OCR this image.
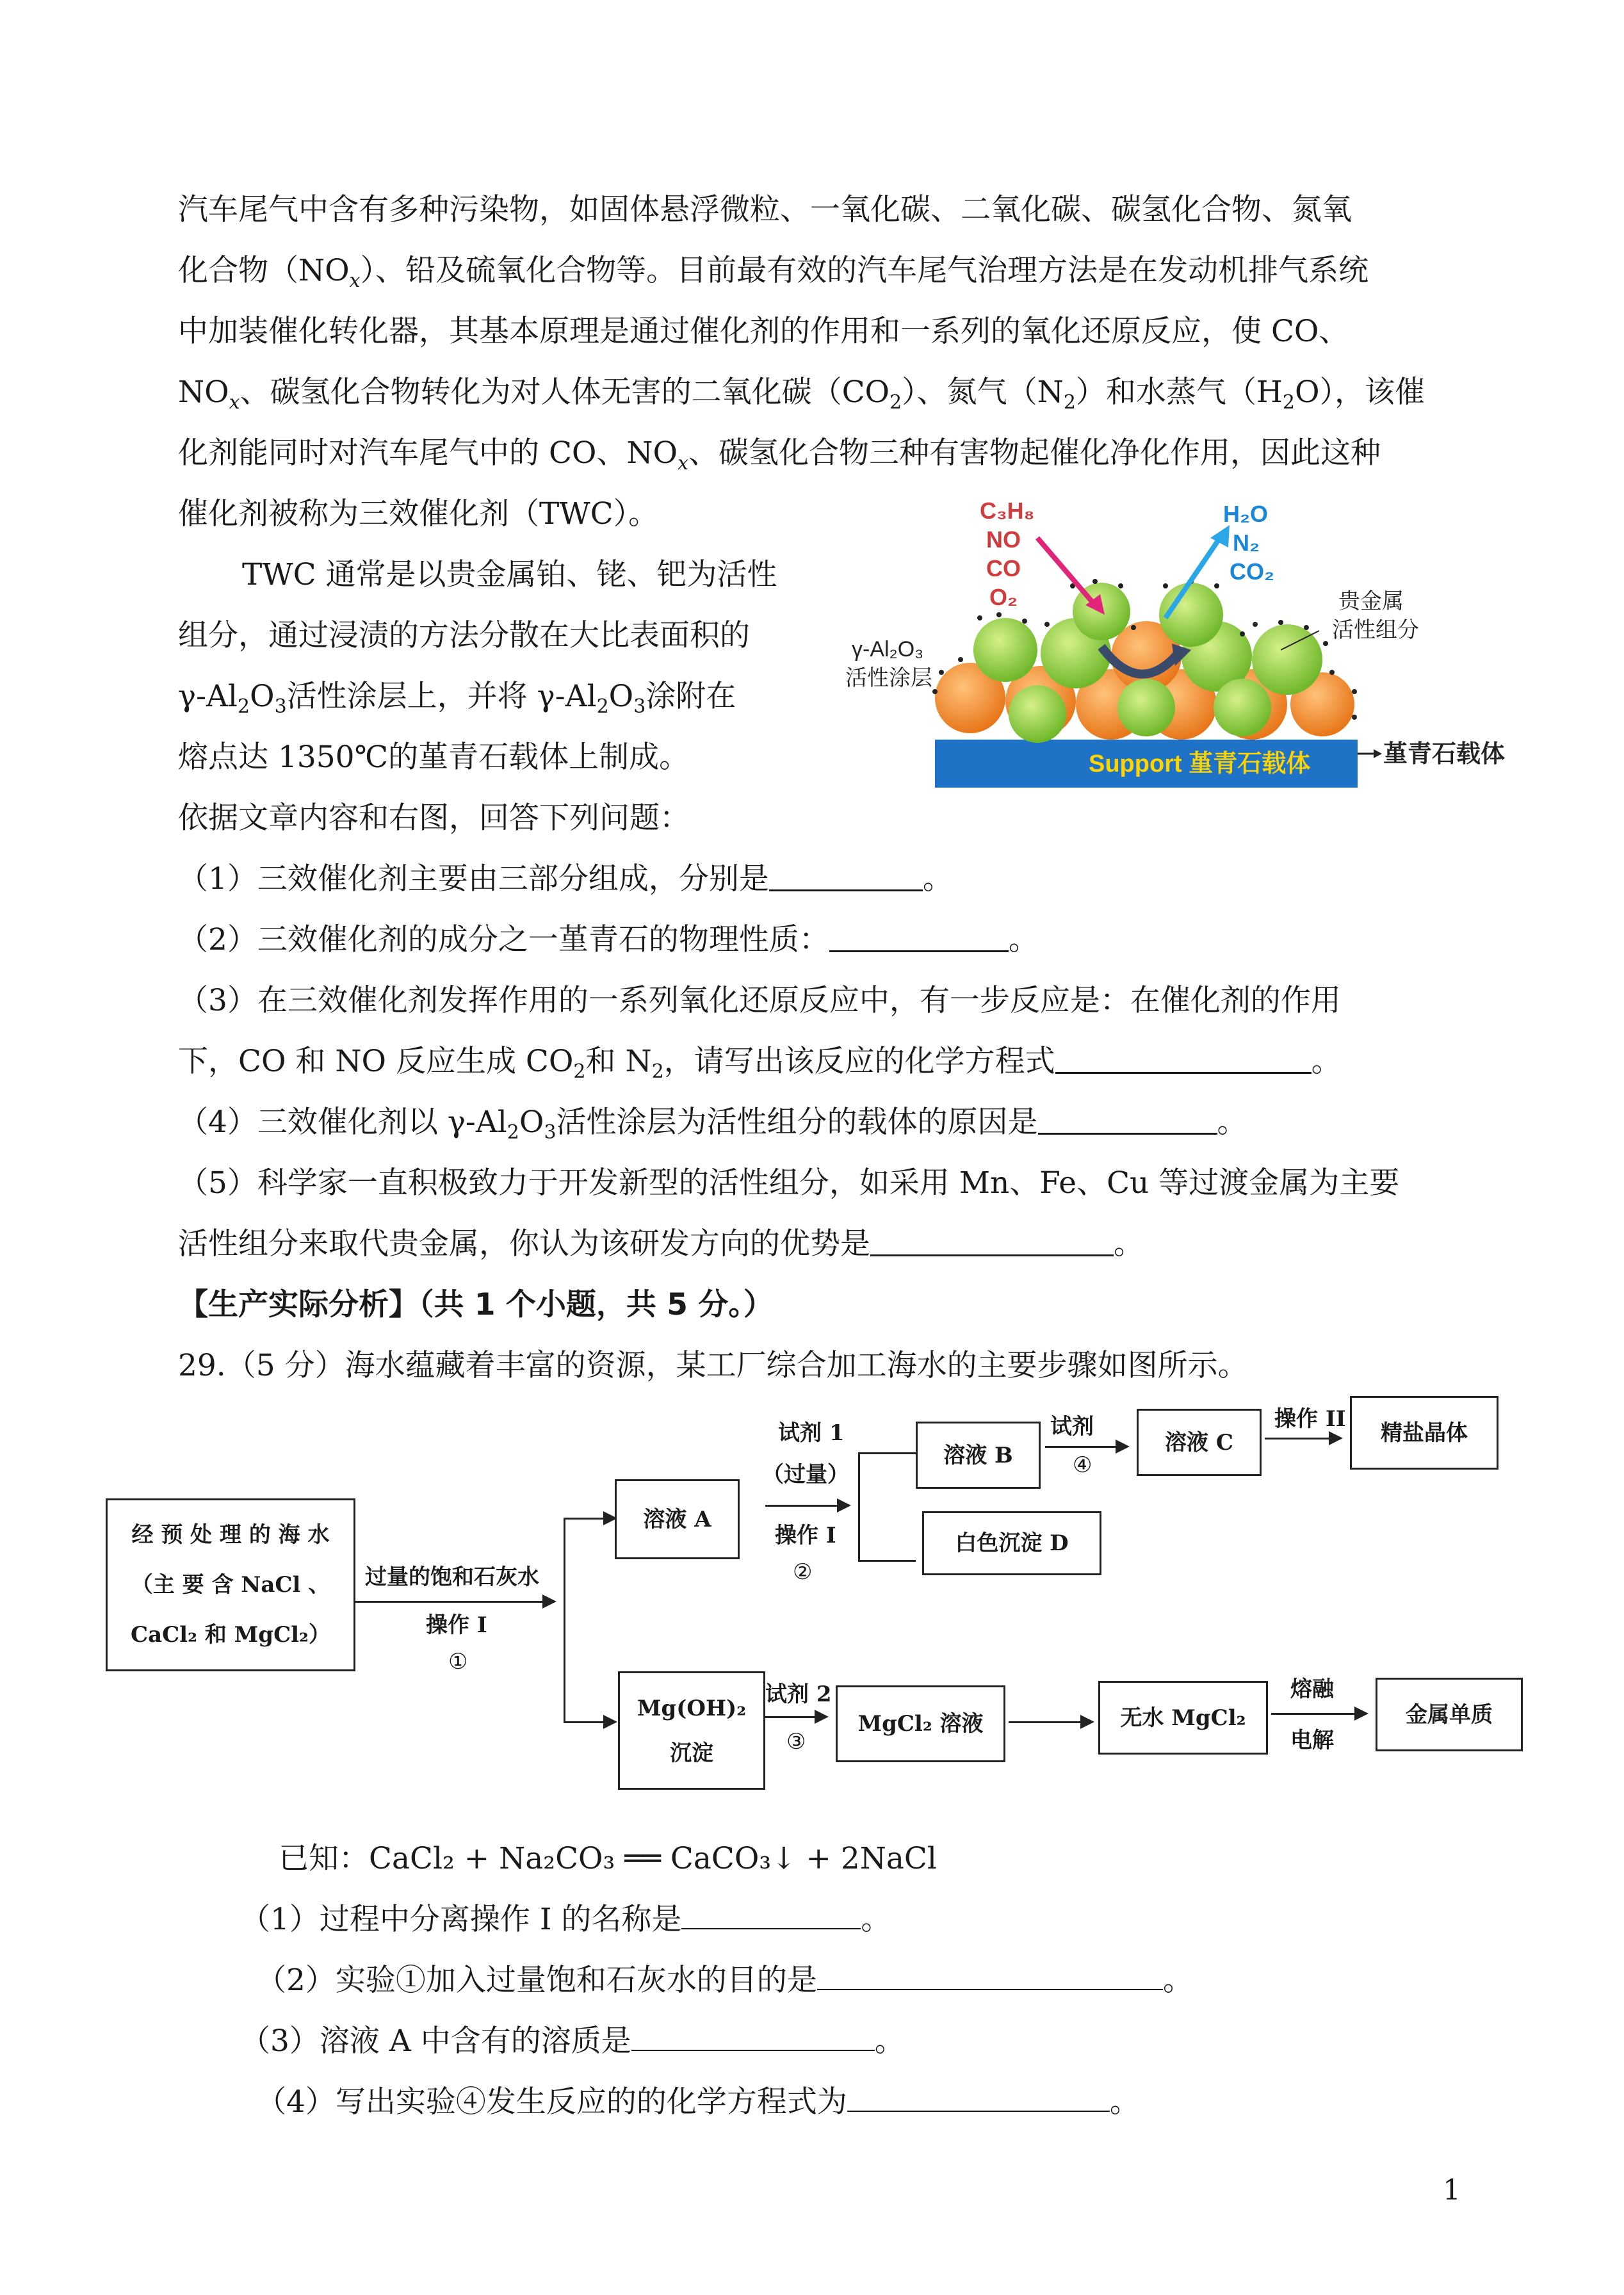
汽车尾气中含有多种污染物，如固体悬浮微粒、一氧化碳、二氧化碳、碳氢化合物、氮氧
化合物$(NO_x)$、铅及硫氧化合物等。目前最有效的汽车尾气治理方法是在发动机排气系统
中加装催化转化器，其基本原理是通过催化剂的作用和一系列的氧化还原反应，使 CO、
$NO_x$、碳氢化合物转化为对人体无害的二氧化碳$(CO_2)$、氮气$(N_2)$和水蒸气$(H_2O)$，该催
化剂能同时对汽车尾气中的 CO、$NO_x$、碳氢化合物三种有害物起催化净化作用，因此这种
催化剂被称为三效催化剂（TWC）。
TWC 通常是以贵金属铂、铑、钯为活性
组分，通过浸渍的方法分散在大比表面积的
$\gamma-Al_2O_3$活性涂层上，并将 $\gamma-Al_2O_3$涂附在
熔点达 1350℃的堇青石载体上制成。
依据文章内容和右图，回答下列问题：
Support 堇青石载体	堇青石载体
C₃H₈
NO
CO
O₂
H₂O
N₂
CO₂
贵金属
活性组分
γ-Al₂O₃
活性涂层
（1）三效催化剂主要由三部分组成，分别是	。
（2）三效催化剂的成分之一堇青石的物理性质：	。
（3）在三效催化剂发挥作用的一系列氧化还原反应中，有一步反应是：在催化剂的作用
下，CO 和 NO 反应生成 $CO_2$和 $N_2$，请写出该反应的化学方程式	。
（4）三效催化剂以 $\gamma-Al_2O_3$活性涂层为活性组分的载体的原因是	。
（5）科学家一直积极致力于开发新型的活性组分，如采用 Mn、Fe、Cu 等过渡金属为主要
活性组分来取代贵金属，你认为该研发方向的优势是	。
【生产实际分析】（共 1 个小题，共 5 分。）
29.（5 分）海水蕴藏着丰富的资源，某工厂综合加工海水的主要步骤如图所示。
经 预 处 理 的 海 水
（主 要 含 NaCl 、
CaCl₂ 和 MgCl₂）
过量的饱和石灰水
操作 I
①
溶液 A
试剂 1
（过量）
操作 I
②
溶液 B
白色沉淀 D
试剂
④
溶液 C
操作 II
精盐晶体
Mg(OH)₂
沉淀
试剂 2
③
MgCl₂ 溶液	无水 MgCl₂
熔融
电解
金属单质
已知：CaCl₂ + Na₂CO₃ ══ CaCO₃↓ + 2NaCl
（1）过程中分离操作 I 的名称是	。
（2）实验①加入过量饱和石灰水的目的是	。
（3）溶液 A 中含有的溶质是	。
（4）写出实验④发生反应的的化学方程式为	。
1
